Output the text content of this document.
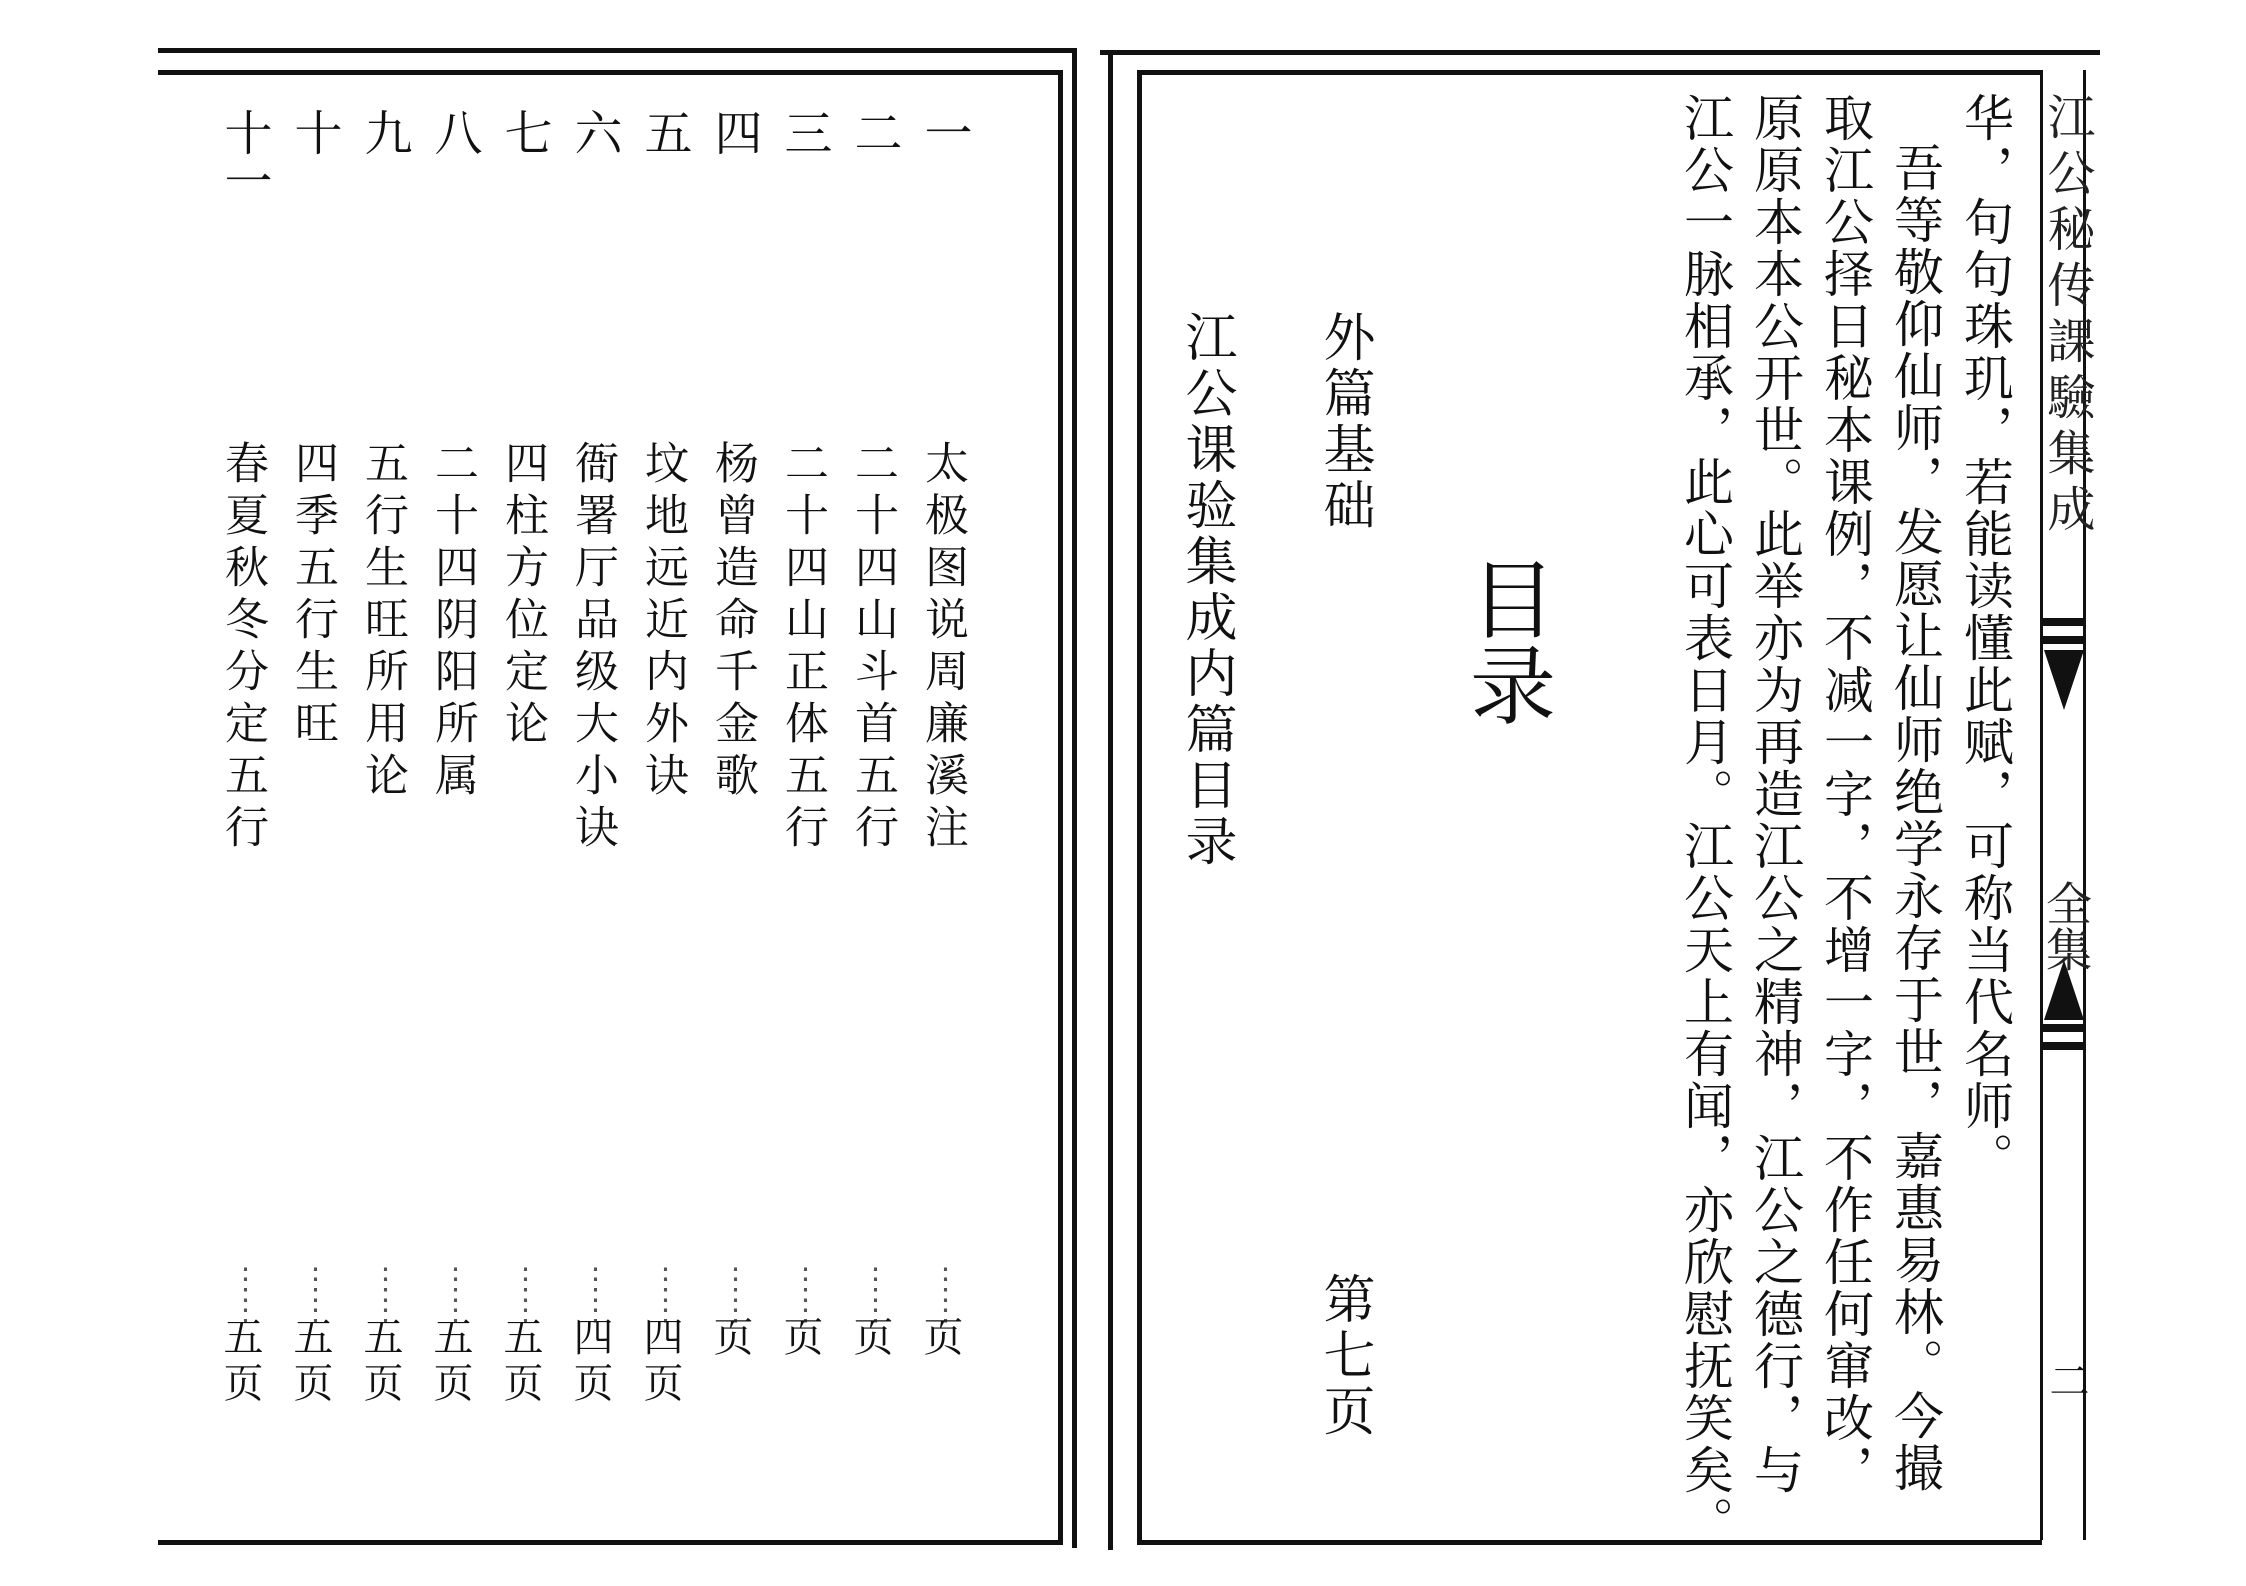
一
太极图说周廉溪注
⋮⋮
页
二
二十四山斗首五行
⋮⋮
页
三
二十四山正体五行
⋮⋮
页
四
杨曾造命千金歌
⋮⋮
页
五
坟地远近内外诀
⋮⋮
四页
六
衙署厅品级大小诀
⋮⋮
四页
七
四柱方位定论
⋮⋮
五页
八
二十四阴阳所属
⋮⋮
五页
九
五行生旺所用论
⋮⋮
五页
十
四季五行生旺
⋮⋮
五页
十一
春夏秋冬分定五行
⋮⋮
五页
目录
外篇基础
第七页
江公课验集成内篇目录	华，句句珠玑，若能读懂此赋，可称当代名师。
吾等敬仰仙师，发愿让仙师绝学永存于世，嘉惠易林。今撮
取江公择日秘本课例，不减一字，不增一字，不作任何窜改，
原原本本公开世。此举亦为再造江公之精神，江公之德行，与
江公一脉相承，此心可表日月。江公天上有闻，亦欣慰抚笑矣。	江公秘传課驗集成
全集
二
